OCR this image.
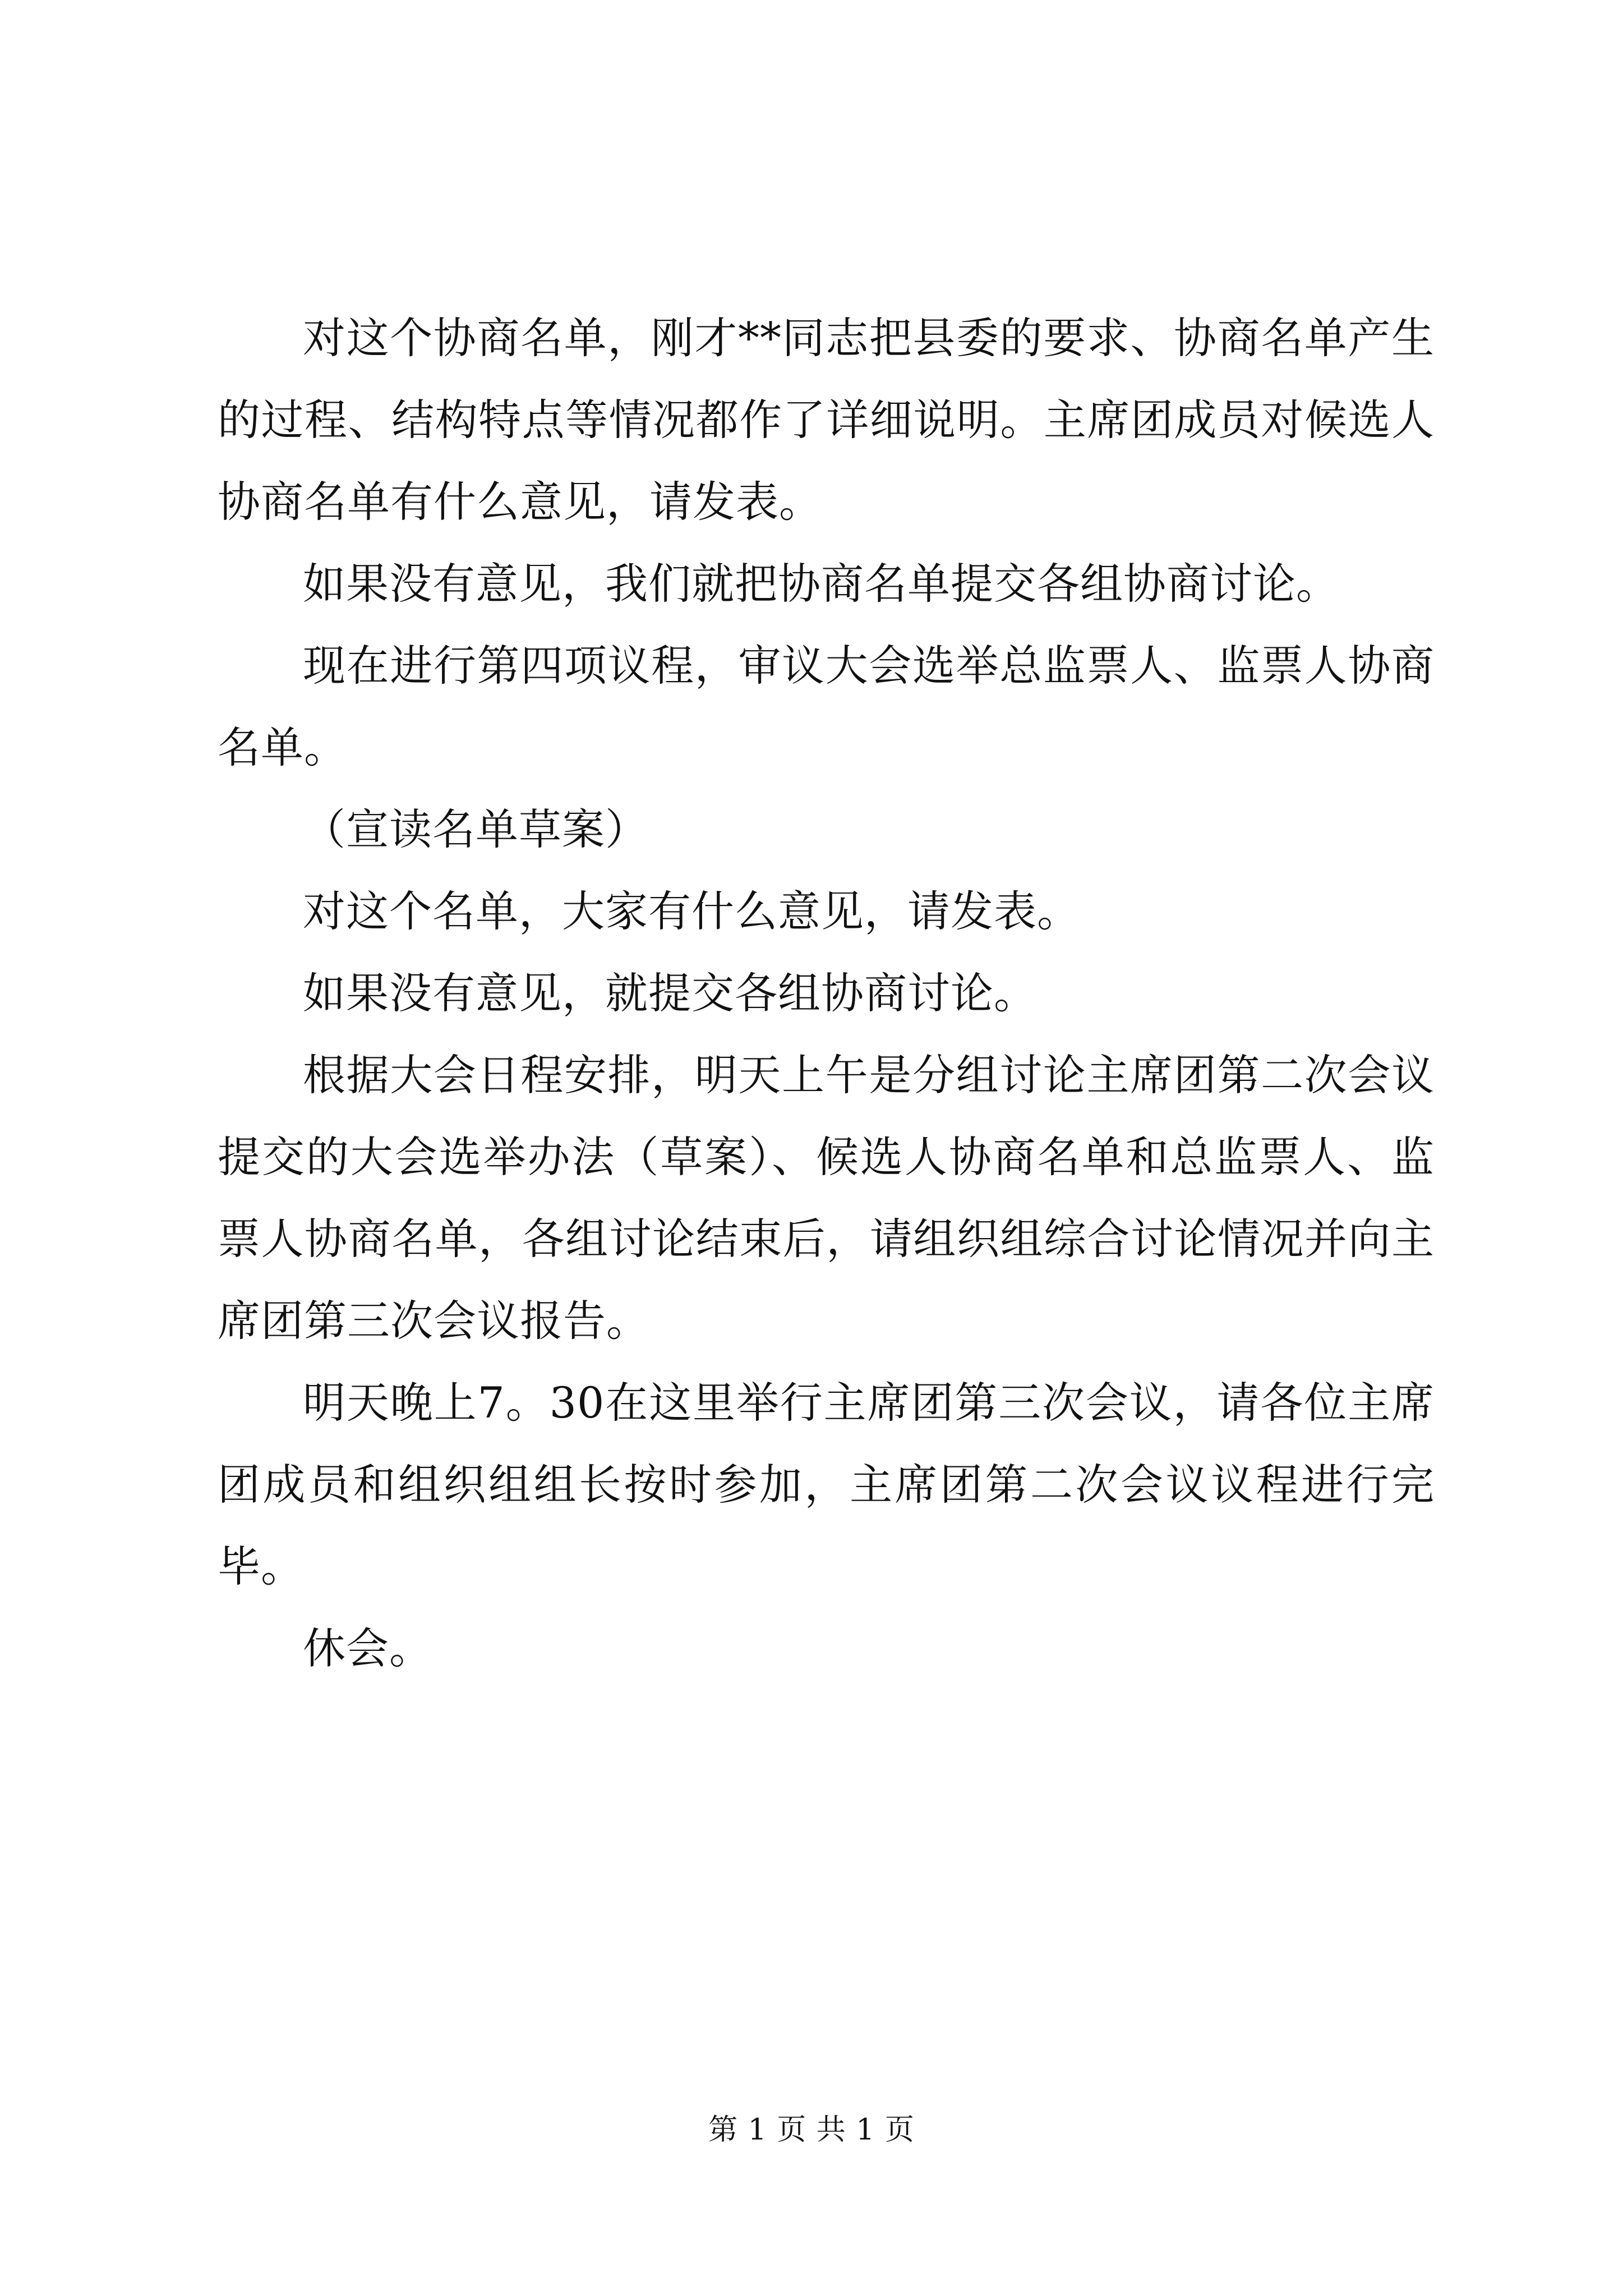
对这个协商名单，刚才**同志把县委的要求、协商名单产生的过程、结构特点等情况都作了详细说明。主席团成员对候选人协商名单有什么意见，请发表。

如果没有意见，我们就把协商名单提交各组协商讨论。

现在进行第四项议程，审议大会选举总监票人、监票人协商名单。

（宣读名单草案）

对这个名单，大家有什么意见，请发表。

如果没有意见，就提交各组协商讨论。

根据大会日程安排，明天上午是分组讨论主席团第二次会议提交的大会选举办法（草案）、候选人协商名单和总监票人、监票人协商名单，各组讨论结束后，请组织组综合讨论情况并向主席团第三次会议报告。

明天晚上7。30在这里举行主席团第三次会议，请各位主席团成员和组织组组长按时参加，主席团第二次会议议程进行完毕。

休会。

第 1 页 共 1 页
